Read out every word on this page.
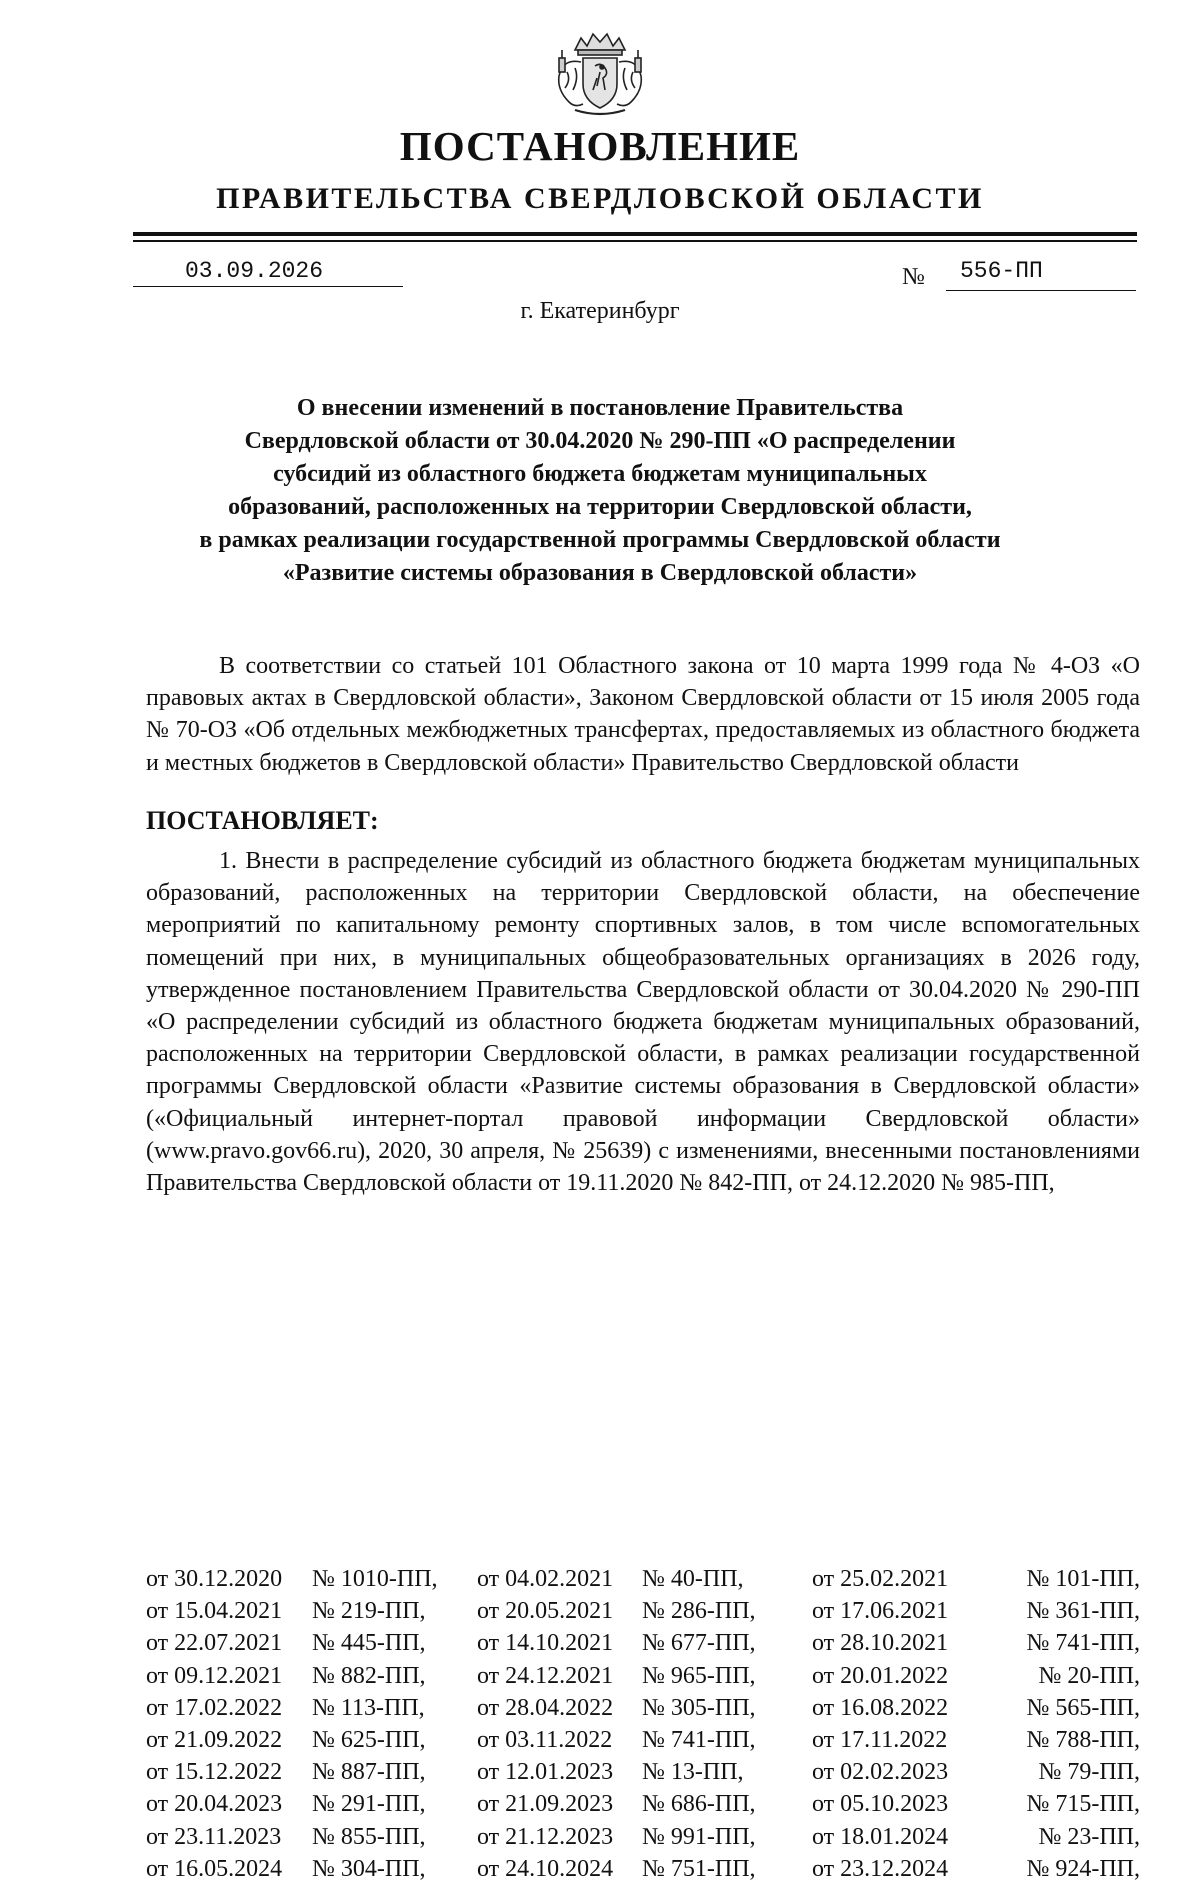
ПОСТАНОВЛЕНИЕ
ПРАВИТЕЛЬСТВА СВЕРДЛОВСКОЙ ОБЛАСТИ
03.09.2026	№ 556-ПП
г. Екатеринбург
О внесении изменений в постановление Правительства
Свердловской области от 30.04.2020 № 290-ПП «О распределении
субсидий из областного бюджета бюджетам муниципальных
образований, расположенных на территории Свердловской области,
в рамках реализации государственной программы Свердловской области
«Развитие системы образования в Свердловской области»
В соответствии со статьей 101 Областного закона от 10 марта 1999 года № 4-ОЗ «О правовых актах в Свердловской области», Законом Свердловской области от 15 июля 2005 года № 70-ОЗ «Об отдельных межбюджетных трансфертах, предоставляемых из областного бюджета и местных бюджетов в Свердловской области» Правительство Свердловской области
ПОСТАНОВЛЯЕТ:
1. Внести в распределение субсидий из областного бюджета бюджетам муниципальных образований, расположенных на территории Свердловской области, на обеспечение мероприятий по капитальному ремонту спортивных залов, в том числе вспомогательных помещений при них, в муниципальных общеобразовательных организациях в 2026 году, утвержденное постановлением Правительства Свердловской области от 30.04.2020 № 290-ПП «О распределении субсидий из областного бюджета бюджетам муниципальных образований, расположенных на территории Свердловской области, в рамках реализации государственной программы Свердловской области «Развитие системы образования в Свердловской области» («Официальный интернет-портал правовой информации Свердловской области» (www.pravo.gov66.ru), 2020, 30 апреля, № 25639) с изменениями, внесенными постановлениями Правительства Свердловской области от 19.11.2020 № 842-ПП, от 24.12.2020 № 985-ПП,
от 30.12.2020	№ 1010-ПП,	от 04.02.2021	№ 40-ПП,	от 25.02.2021	№ 101-ПП,
от 15.04.2021	№ 219-ПП,	от 20.05.2021	№ 286-ПП,	от 17.06.2021	№ 361-ПП,
от 22.07.2021	№ 445-ПП,	от 14.10.2021	№ 677-ПП,	от 28.10.2021	№ 741-ПП,
от 09.12.2021	№ 882-ПП,	от 24.12.2021	№ 965-ПП,	от 20.01.2022	№ 20-ПП,
от 17.02.2022	№ 113-ПП,	от 28.04.2022	№ 305-ПП,	от 16.08.2022	№ 565-ПП,
от 21.09.2022	№ 625-ПП,	от 03.11.2022	№ 741-ПП,	от 17.11.2022	№ 788-ПП,
от 15.12.2022	№ 887-ПП,	от 12.01.2023	№ 13-ПП,	от 02.02.2023	№ 79-ПП,
от 20.04.2023	№ 291-ПП,	от 21.09.2023	№ 686-ПП,	от 05.10.2023	№ 715-ПП,
от 23.11.2023	№ 855-ПП,	от 21.12.2023	№ 991-ПП,	от 18.01.2024	№ 23-ПП,
от 16.05.2024	№ 304-ПП,	от 24.10.2024	№ 751-ПП,	от 23.12.2024	№ 924-ПП,
